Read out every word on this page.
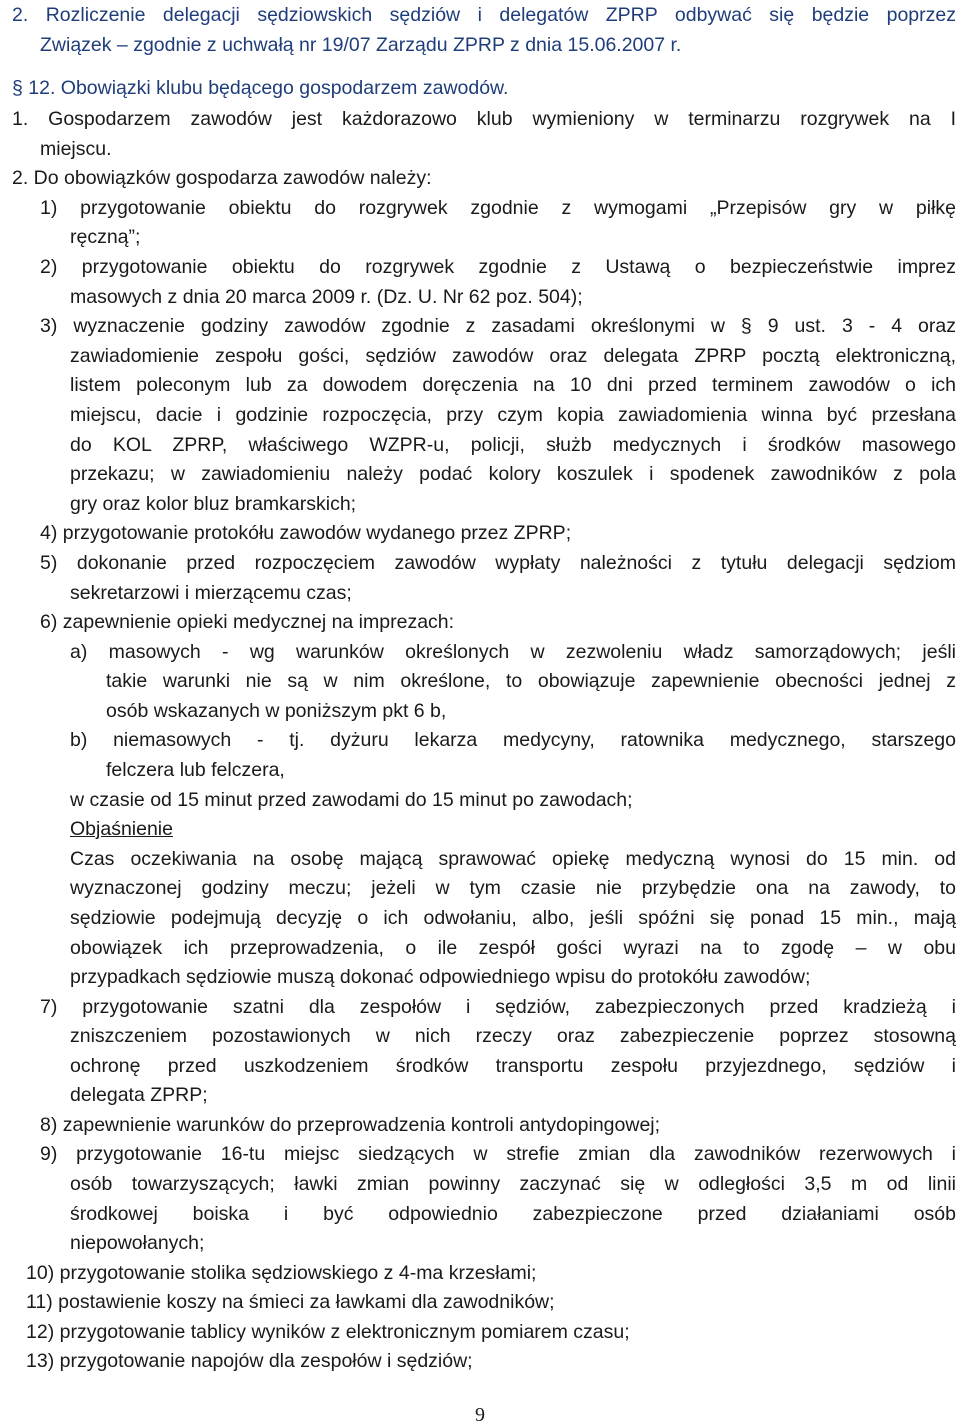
9
2. Rozliczenie delegacji sędziowskich sędziów i delegatów ZPRP odbywać się będzie poprzez
Związek – zgodnie z uchwałą nr 19/07 Zarządu ZPRP z dnia 15.06.2007 r.
§ 12. Obowiązki klubu będącego gospodarzem zawodów.
1. Gospodarzem zawodów jest każdorazowo klub wymieniony w terminarzu rozgrywek na I
miejscu.
2. Do obowiązków gospodarza zawodów należy:
1) przygotowanie obiektu do rozgrywek zgodnie z wymogami „Przepisów gry w piłkę
ręczną”;
2) przygotowanie obiektu do rozgrywek zgodnie z Ustawą o bezpieczeństwie imprez
masowych z dnia 20 marca 2009 r. (Dz. U. Nr 62 poz. 504);
3) wyznaczenie godziny zawodów zgodnie z zasadami określonymi w § 9 ust. 3 - 4 oraz
zawiadomienie zespołu gości, sędziów zawodów oraz delegata ZPRP pocztą elektroniczną,
listem poleconym lub za dowodem doręczenia na 10 dni przed terminem zawodów o ich
miejscu, dacie i godzinie rozpoczęcia, przy czym kopia zawiadomienia winna być przesłana
do KOL ZPRP, właściwego WZPR-u, policji, służb medycznych i środków masowego
przekazu; w zawiadomieniu należy podać kolory koszulek i spodenek zawodników z pola
gry oraz kolor bluz bramkarskich;
4) przygotowanie protokółu zawodów wydanego przez ZPRP;
5) dokonanie przed rozpoczęciem zawodów wypłaty należności z tytułu delegacji sędziom
sekretarzowi i mierzącemu czas;
6) zapewnienie opieki medycznej na imprezach:
a) masowych - wg warunków określonych w zezwoleniu władz samorządowych; jeśli
takie warunki nie są w nim określone, to obowiązuje zapewnienie obecności jednej z
osób wskazanych w poniższym pkt 6 b,
b) niemasowych - tj. dyżuru lekarza medycyny, ratownika medycznego, starszego
felczera lub felczera,
w czasie od 15 minut przed zawodami do 15 minut po zawodach;
Objaśnienie
Czas oczekiwania na osobę mającą sprawować opiekę medyczną wynosi do 15 min. od
wyznaczonej godziny meczu; jeżeli w tym czasie nie przybędzie ona na zawody, to
sędziowie podejmują decyzję o ich odwołaniu, albo, jeśli spóźni się ponad 15 min., mają
obowiązek ich przeprowadzenia, o ile zespół gości wyrazi na to zgodę – w obu
przypadkach sędziowie muszą dokonać odpowiedniego wpisu do protokółu zawodów;
7) przygotowanie szatni dla zespołów i sędziów, zabezpieczonych przed kradzieżą i
zniszczeniem pozostawionych w nich rzeczy oraz zabezpieczenie poprzez stosowną
ochronę przed uszkodzeniem środków transportu zespołu przyjezdnego, sędziów i
delegata ZPRP;
8) zapewnienie warunków do przeprowadzenia kontroli antydopingowej;
9) przygotowanie 16-tu miejsc siedzących w strefie zmian dla zawodników rezerwowych i
osób towarzyszących; ławki zmian powinny zaczynać się w odległości 3,5 m od linii
środkowej boiska i być odpowiednio zabezpieczone przed działaniami osób
niepowołanych;
10) przygotowanie stolika sędziowskiego z 4-ma krzesłami;
11) postawienie koszy na śmieci za ławkami dla zawodników;
12) przygotowanie tablicy wyników z elektronicznym pomiarem czasu;
13) przygotowanie napojów dla zespołów i sędziów;
